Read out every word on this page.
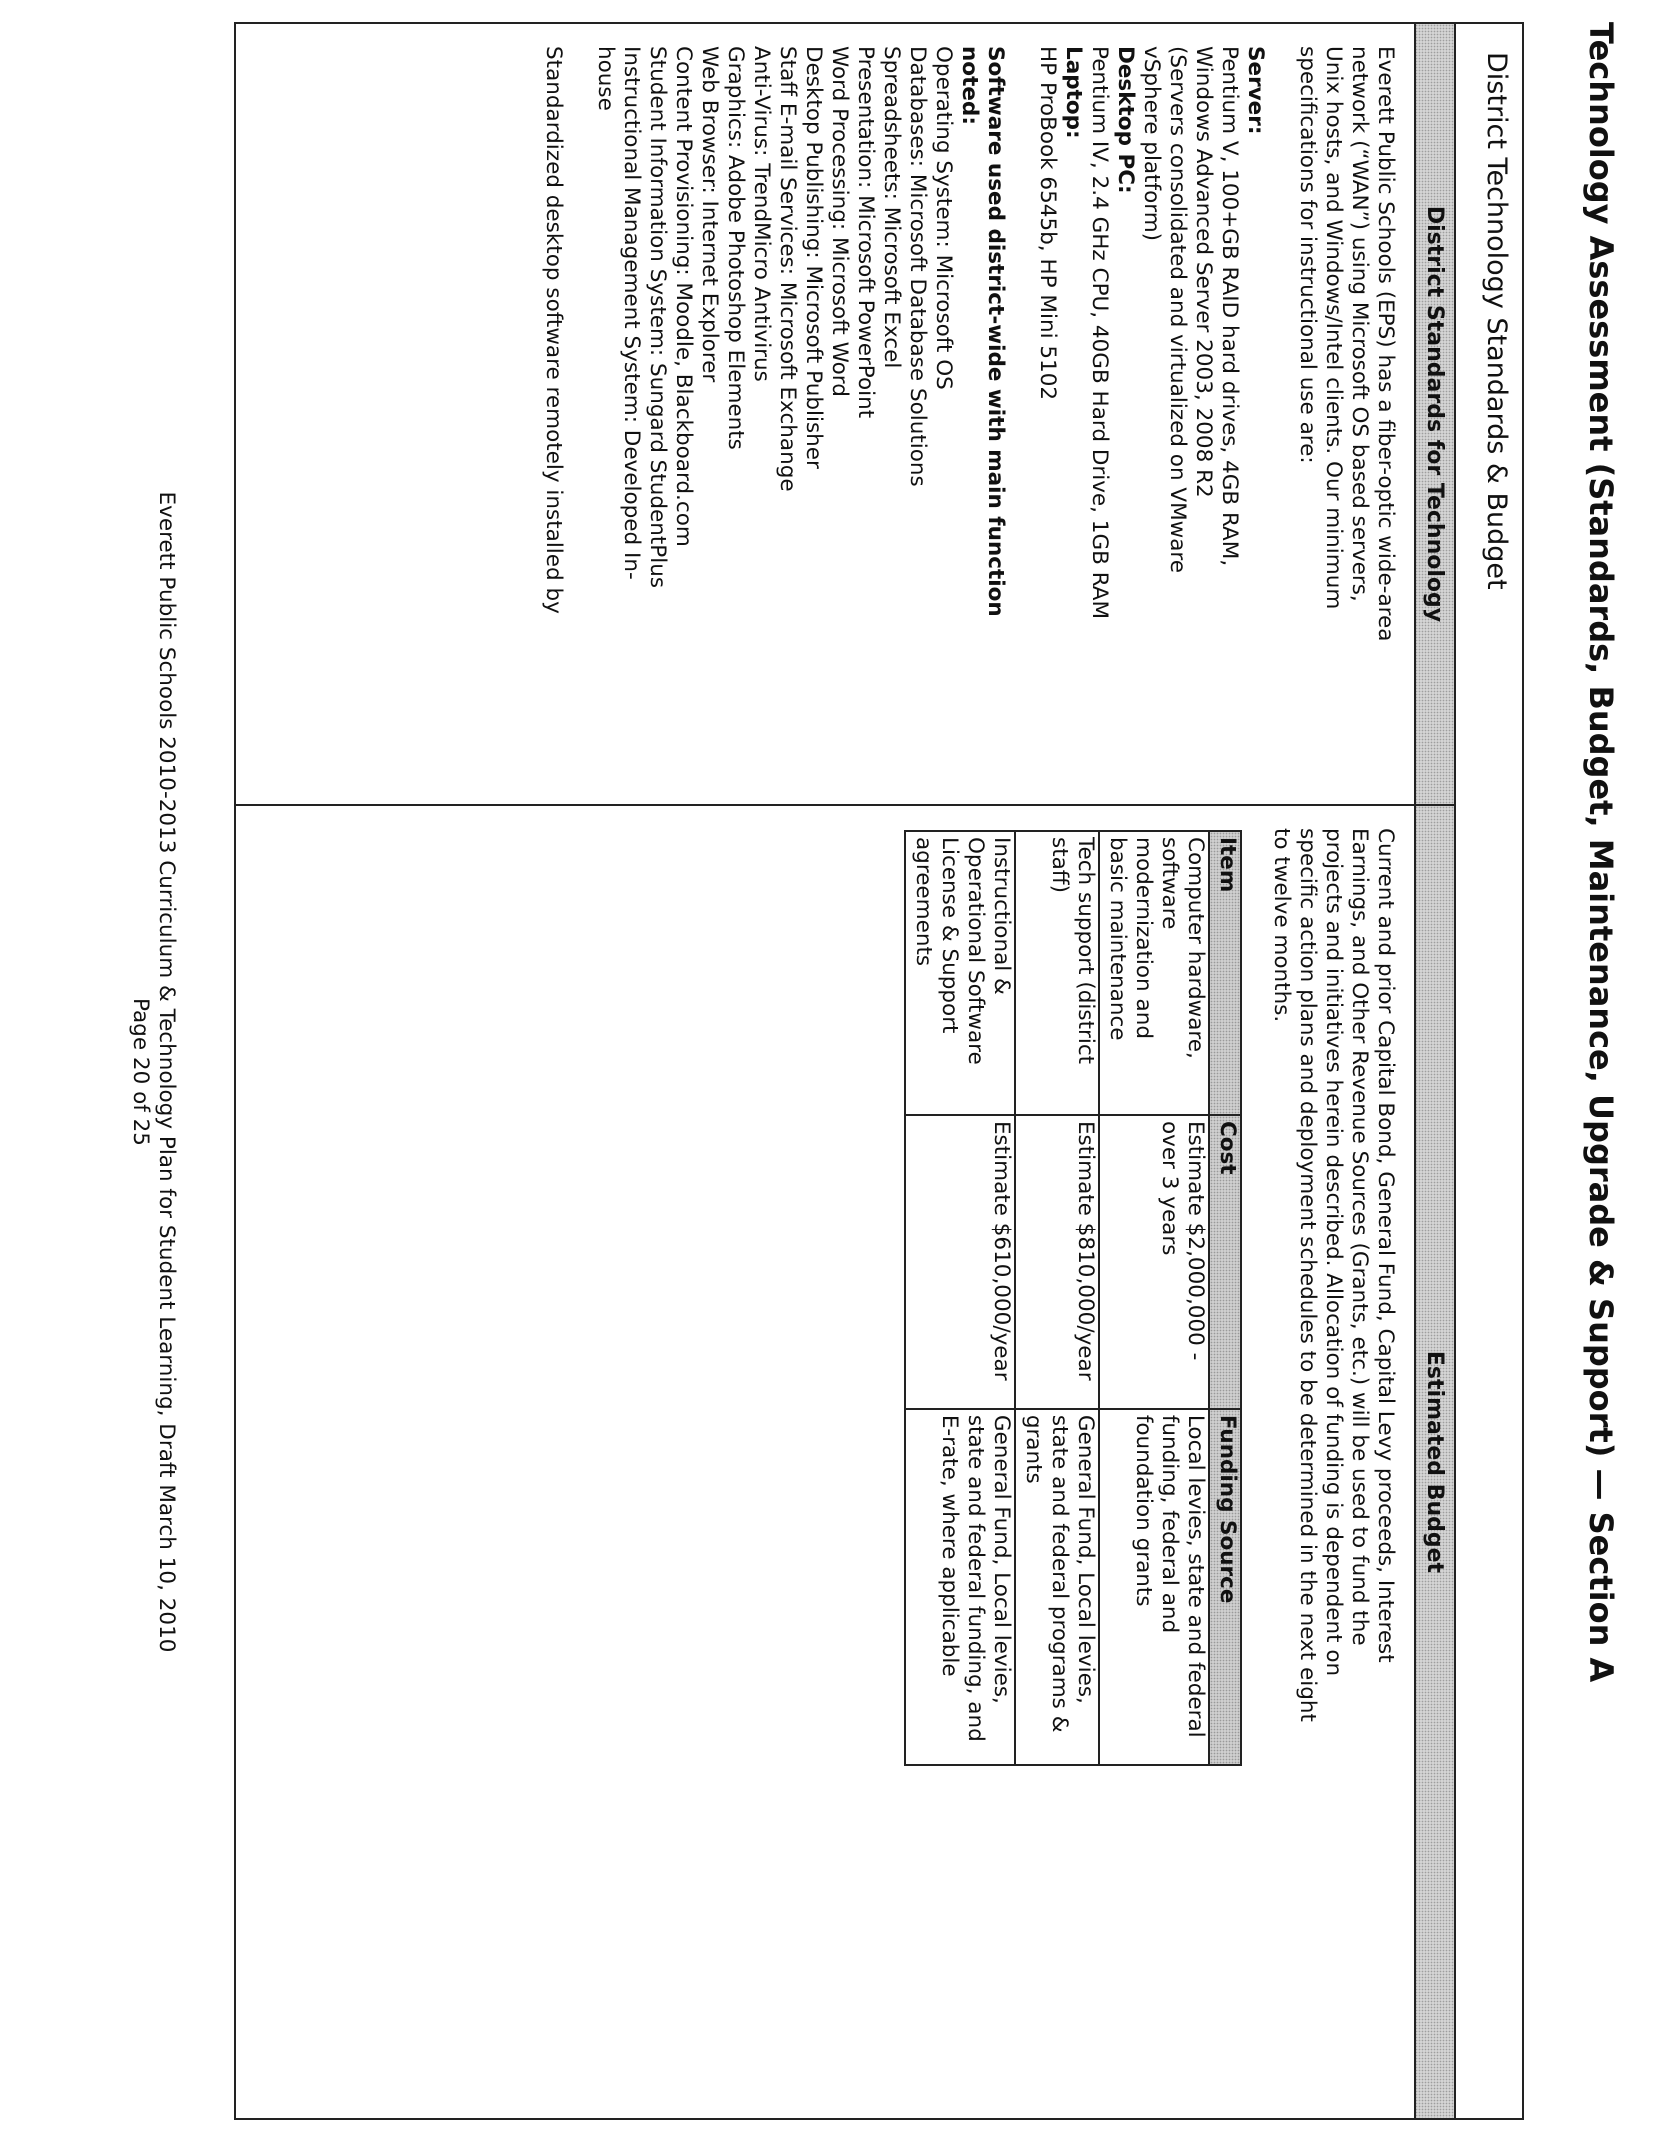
Technology Assessment (Standards, Budget, Maintenance, Upgrade & Support) — Section A
District Technology Standards & Budget
District Standards for Technology
Everett Public Schools (EPS) has a fiber-optic wide-area
network (“WAN”) using Microsoft OS based servers,
Unix hosts, and Windows/Intel clients. Our minimum
specifications for instructional use are:
Server:
Pentium V, 100+GB RAID hard drives, 4GB RAM,
Windows Advanced Server 2003, 2008 R2
(Servers consolidated and virtualized on VMware
vSphere platform)
Desktop PC:
Pentium IV, 2.4 GHz CPU, 40GB Hard Drive, 1GB RAM
Laptop:
HP ProBook 6545b, HP Mini 5102
Software used district-wide with main function
noted:
Operating System: Microsoft OS
Databases: Microsoft Database Solutions
Spreadsheets: Microsoft Excel
Presentation: Microsoft PowerPoint
Word Processing: Microsoft Word
Desktop Publishing: Microsoft Publisher
Staff E-mail Services: Microsoft Exchange
Anti-Virus: TrendMicro Antivirus
Graphics: Adobe Photoshop Elements
Web Browser: Internet Explorer
Content Provisioning: Moodle, Blackboard.com
Student Information System: Sungard StudentPlus
Instructional Management System: Developed In-
house
Standardized desktop software remotely installed by
Estimated Budget
Current and prior Capital Bond, General Fund, Capital Levy proceeds, Interest
Earnings, and Other Revenue Sources (Grants, etc.) will be used to fund the
projects and initiatives herein described. Allocation of funding is dependent on
specific action plans and deployment schedules to be determined in the next eight
to twelve months.
Item	Cost	Funding Source

Computer hardware,
software
modernization and
basic maintenance	Estimate $2,000,000 -
over 3 years	Local levies, state and federal
funding, federal and
foundation grants

Tech support (district
staff)	Estimate $810,000/year	General Fund, Local levies,
state and federal programs &
grants

Instructional &
Operational Software
License & Support
agreements	Estimate $610,000/year	General Fund, Local levies,
state and federal funding, and
E-rate, where applicable
Everett Public Schools 2010-2013 Curriculum & Technology Plan for Student Learning, Draft March 10, 2010
Page 20 of 25
